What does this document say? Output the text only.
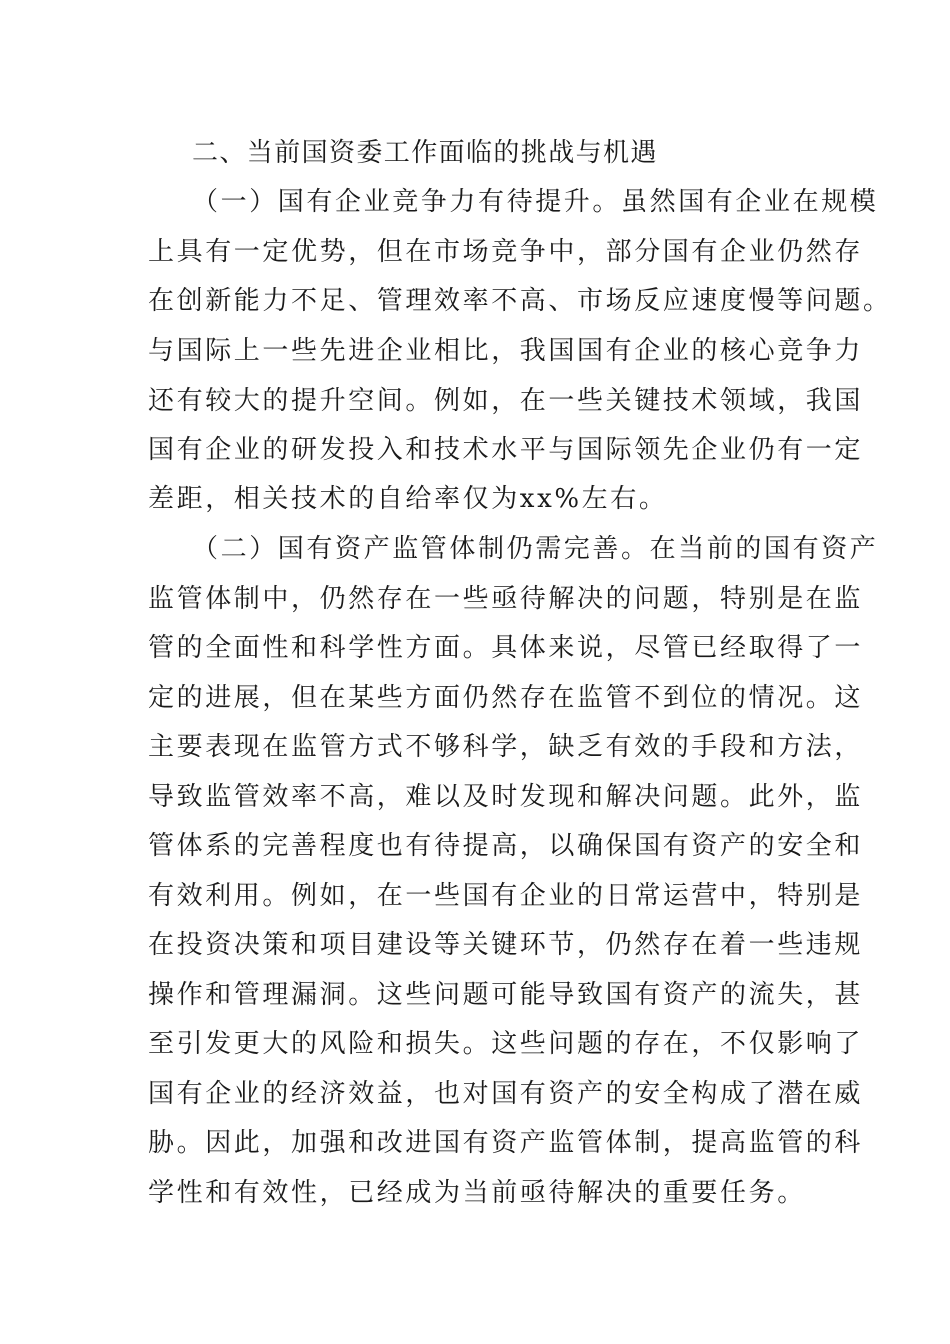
二、当前国资委工作面临的挑战与机遇
（一）国有企业竞争力有待提升。虽然国有企业在规模
上具有一定优势，但在市场竞争中，部分国有企业仍然存
在创新能力不足、管理效率不高、市场反应速度慢等问题。
与国际上一些先进企业相比，我国国有企业的核心竞争力
还有较大的提升空间。例如，在一些关键技术领域，我国
国有企业的研发投入和技术水平与国际领先企业仍有一定
差距，相关技术的自给率仅为xx%左右。
（二）国有资产监管体制仍需完善。在当前的国有资产
监管体制中，仍然存在一些亟待解决的问题，特别是在监
管的全面性和科学性方面。具体来说，尽管已经取得了一
定的进展，但在某些方面仍然存在监管不到位的情况。这
主要表现在监管方式不够科学，缺乏有效的手段和方法，
导致监管效率不高，难以及时发现和解决问题。此外，监
管体系的完善程度也有待提高，以确保国有资产的安全和
有效利用。例如，在一些国有企业的日常运营中，特别是
在投资决策和项目建设等关键环节，仍然存在着一些违规
操作和管理漏洞。这些问题可能导致国有资产的流失，甚
至引发更大的风险和损失。这些问题的存在，不仅影响了
国有企业的经济效益，也对国有资产的安全构成了潜在威
胁。因此，加强和改进国有资产监管体制，提高监管的科
学性和有效性，已经成为当前亟待解决的重要任务。
